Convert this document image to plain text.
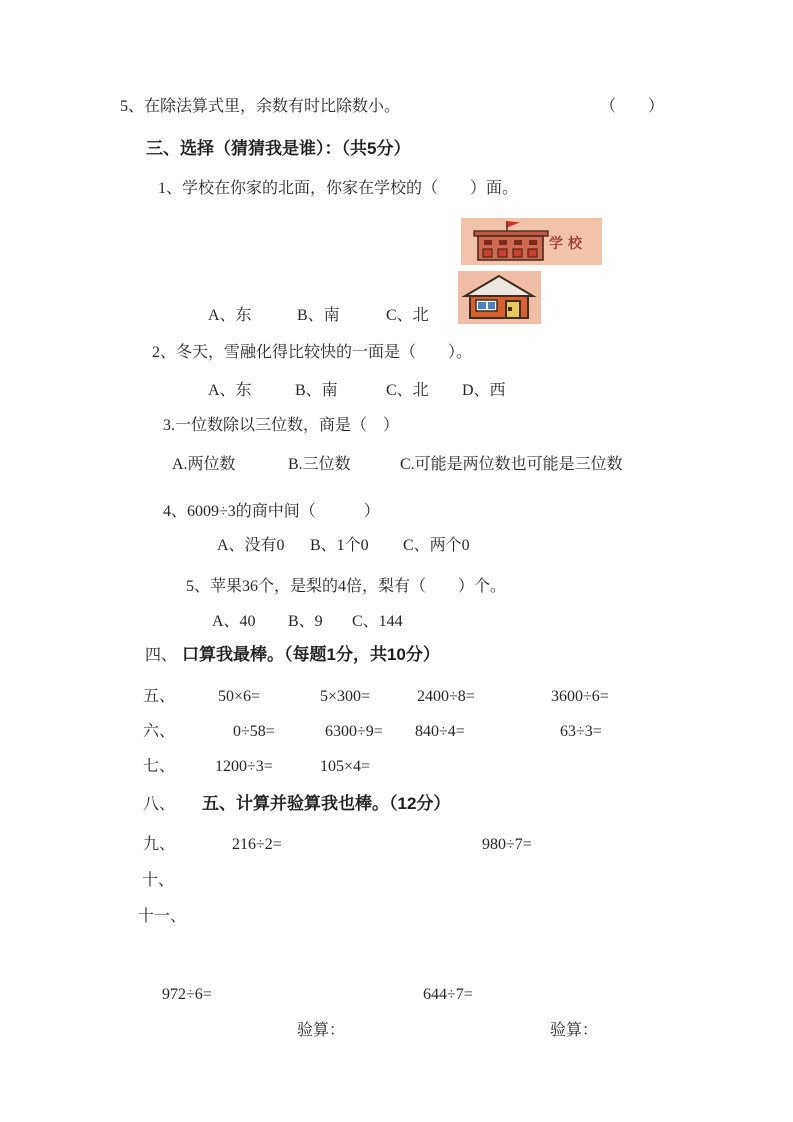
5、在除法算式里，余数有时比除数小。	（　　）
三、选择（猜猜我是谁）：（共5分）
1、学校在你家的北面，你家在学校的（　　）面。
学校
A、东	B、南	C、北
2、冬天，雪融化得比较快的一面是（　　）。
A、东	B、南	C、北 D、西
3.一位数除以三位数，商是（　）
A.两位数	B.三位数	C.可能是两位数也可能是三位数
4、6009÷3的商中间（　　　）
A、没有0 B、1个0 C、两个0
5、苹果36个，是梨的4倍，梨有（　　）个。
A、40 B、9 C、144
四、 口算我最棒。（每题1分，共10分）
五、	50×6=	5×300=	2400÷8=	3600÷6=
六、	0÷58=	6300÷9= 840÷4=	63÷3=
七、 1200÷3=	105×4=
八、 五、计算并验算我也棒。（12分）
九、	216÷2=	980÷7=
十、
十一、
972÷6=	644÷7=
验算：	验算：
